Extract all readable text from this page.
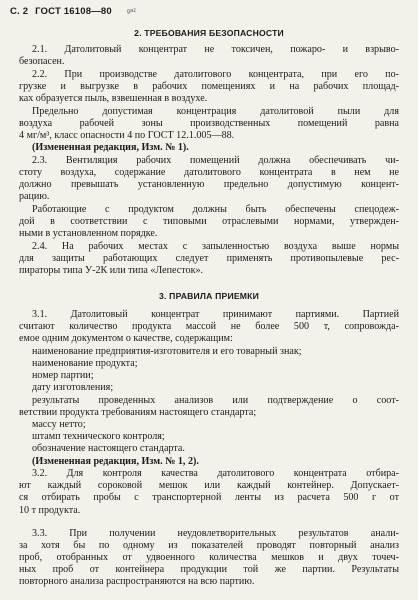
С. 2 ГОСТ 16108—80 ᵍᵃᶻ
2. ТРЕБОВАНИЯ БЕЗОПАСНОСТИ
2.1. Датолитовый концентрат не токсичен, пожаро- и взрыво-
безопасен.
2.2. При производстве датолитового концентрата, при его по-
грузке и выгрузке в рабочих помещениях и на рабочих площад-
ках образуется пыль, взвешенная в воздухе.
Предельно допустимая концентрация датолитовой пыли для
воздуха рабочей зоны производственных помещений равна
4 мг/м³, класс опасности 4 по ГОСТ 12.1.005—88.
(Измененная редакция, Изм. № 1).
2.3. Вентиляция рабочих помещений должна обеспечивать чи-
стоту воздуха, содержание датолитового концентрата в нем не
должно превышать установленную предельно допустимую концент-
рацию.
Работающие с продуктом должны быть обеспечены спецодеж-
дой в соответствии с типовыми отраслевыми нормами, утвержден-
ными в установленном порядке.
2.4. На рабочих местах с запыленностью воздуха выше нормы
для защиты работающих следует применять противопылевые рес-
пираторы типа У-2К или типа «Лепесток».
3. ПРАВИЛА ПРИЕМКИ
3.1. Датолитовый концентрат принимают партиями. Партией
считают количество продукта массой не более 500 т, сопровожда-
емое одним документом о качестве, содержащим:
наименование предприятия-изготовителя и его товарный знак;
наименование продукта;
номер партии;
дату изготовления;
результаты проведенных анализов или подтверждение о соот-
ветствии продукта требованиям настоящего стандарта;
массу нетто;
штамп технического контроля;
обозначение настоящего стандарта.
(Измененная редакция, Изм. № 1, 2).
3.2. Для контроля качества датолитового концентрата отбира-
ют каждый сороковой мешок или каждый контейнер. Допускает-
ся отбирать пробы с транспортерной ленты из расчета 500 г от
10 т продукта.
3.3. При получении неудовлетворительных результатов анали-
за хотя бы по одному из показателей проводят повторный анализ
проб, отобранных от удвоенного количества мешков и двух точеч-
ных проб от контейнера продукции той же партии. Результаты
повторного анализа распространяются на всю партию.
